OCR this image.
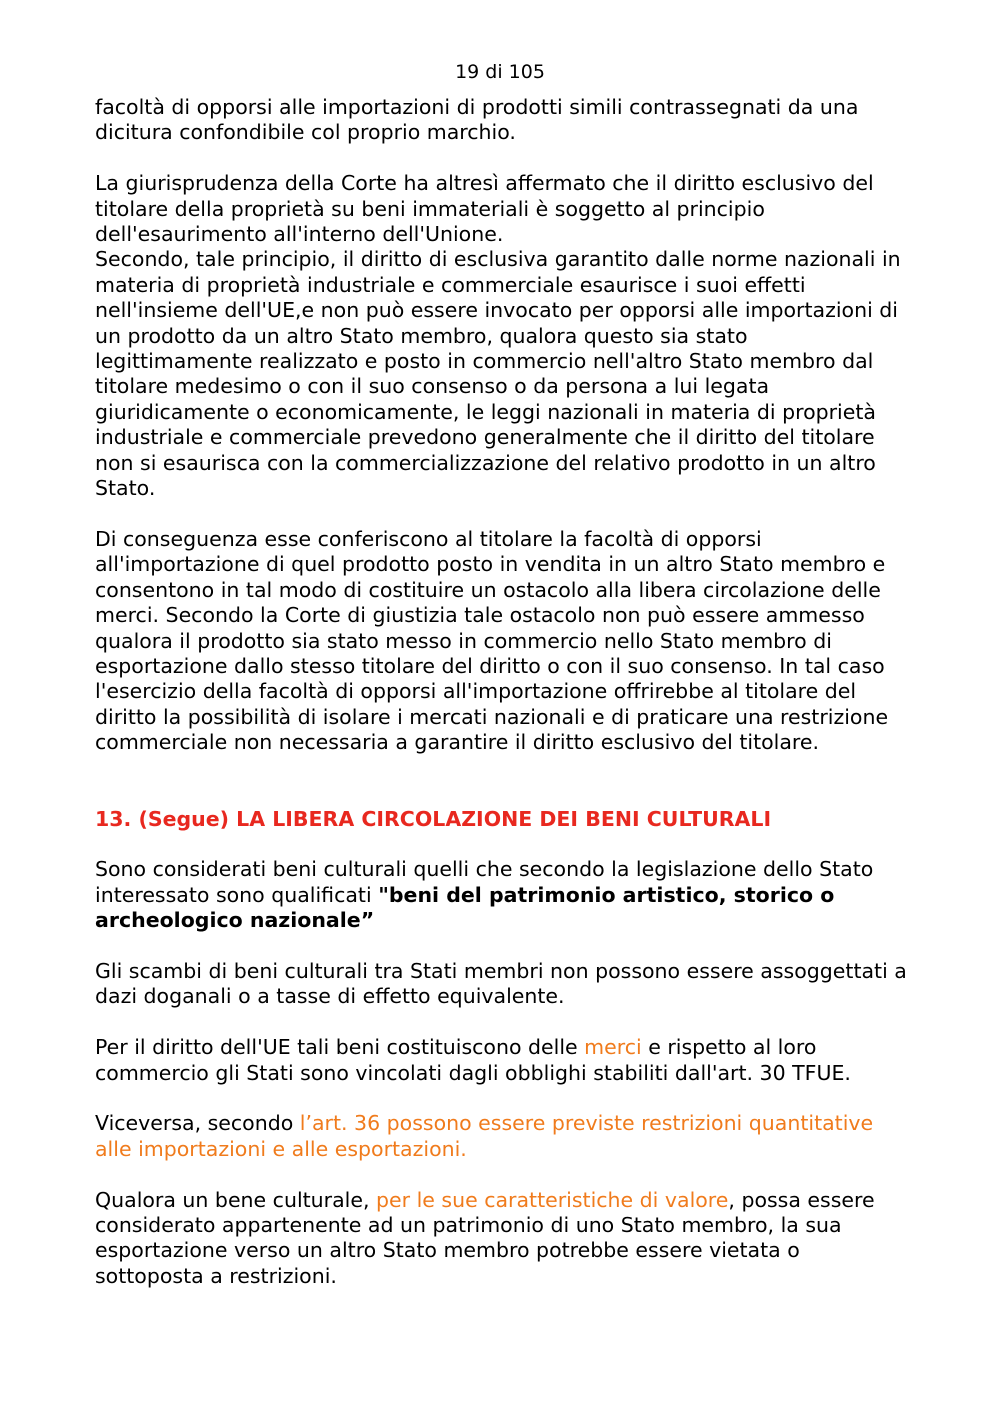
19 di 105

facoltà di opporsi alle importazioni di prodotti simili contrassegnati da una dicitura confondibile col proprio marchio.

La giurisprudenza della Corte ha altresì affermato che il diritto esclusivo del titolare della proprietà su beni immateriali è soggetto al principio dell'esaurimento all'interno dell'Unione.

Secondo, tale principio, il diritto di esclusiva garantito dalle norme nazionali in materia di proprietà industriale e commerciale esaurisce i suoi effetti nell'insieme dell'UE,e non può essere invocato per opporsi alle importazioni di un prodotto da un altro Stato membro, qualora questo sia stato legittimamente realizzato e posto in commercio nell'altro Stato membro dal titolare medesimo o con il suo consenso o da persona a lui legata giuridicamente o economicamente, le leggi nazionali in materia di proprietà industriale e commerciale prevedono generalmente che il diritto del titolare non si esaurisca con la commercializzazione del relativo prodotto in un altro Stato.

Di conseguenza esse conferiscono al titolare la facoltà di opporsi all'importazione di quel prodotto posto in vendita in un altro Stato membro e consentono in tal modo di costituire un ostacolo alla libera circolazione delle merci. Secondo la Corte di giustizia tale ostacolo non può essere ammesso qualora il prodotto sia stato messo in commercio nello Stato membro di esportazione dallo stesso titolare del diritto o con il suo consenso. In tal caso l'esercizio della facoltà di opporsi all'importazione offrirebbe al titolare del diritto la possibilità di isolare i mercati nazionali e di praticare una restrizione commerciale non necessaria a garantire il diritto esclusivo del titolare.

13. (Segue) LA LIBERA CIRCOLAZIONE DEI BENI CULTURALI

Sono considerati beni culturali quelli che secondo la legislazione dello Stato interessato sono qualificati "beni del patrimonio artistico, storico o archeologico nazionale”

Gli scambi di beni culturali tra Stati membri non possono essere assoggettati a dazi doganali o a tasse di effetto equivalente.

Per il diritto dell'UE tali beni costituiscono delle merci e rispetto al loro commercio gli Stati sono vincolati dagli obblighi stabiliti dall'art. 30 TFUE.

Viceversa, secondo l’art. 36 possono essere previste restrizioni quantitative alle importazioni e alle esportazioni.

Qualora un bene culturale, per le sue caratteristiche di valore, possa essere considerato appartenente ad un patrimonio di uno Stato membro, la sua esportazione verso un altro Stato membro potrebbe essere vietata o sottoposta a restrizioni.
